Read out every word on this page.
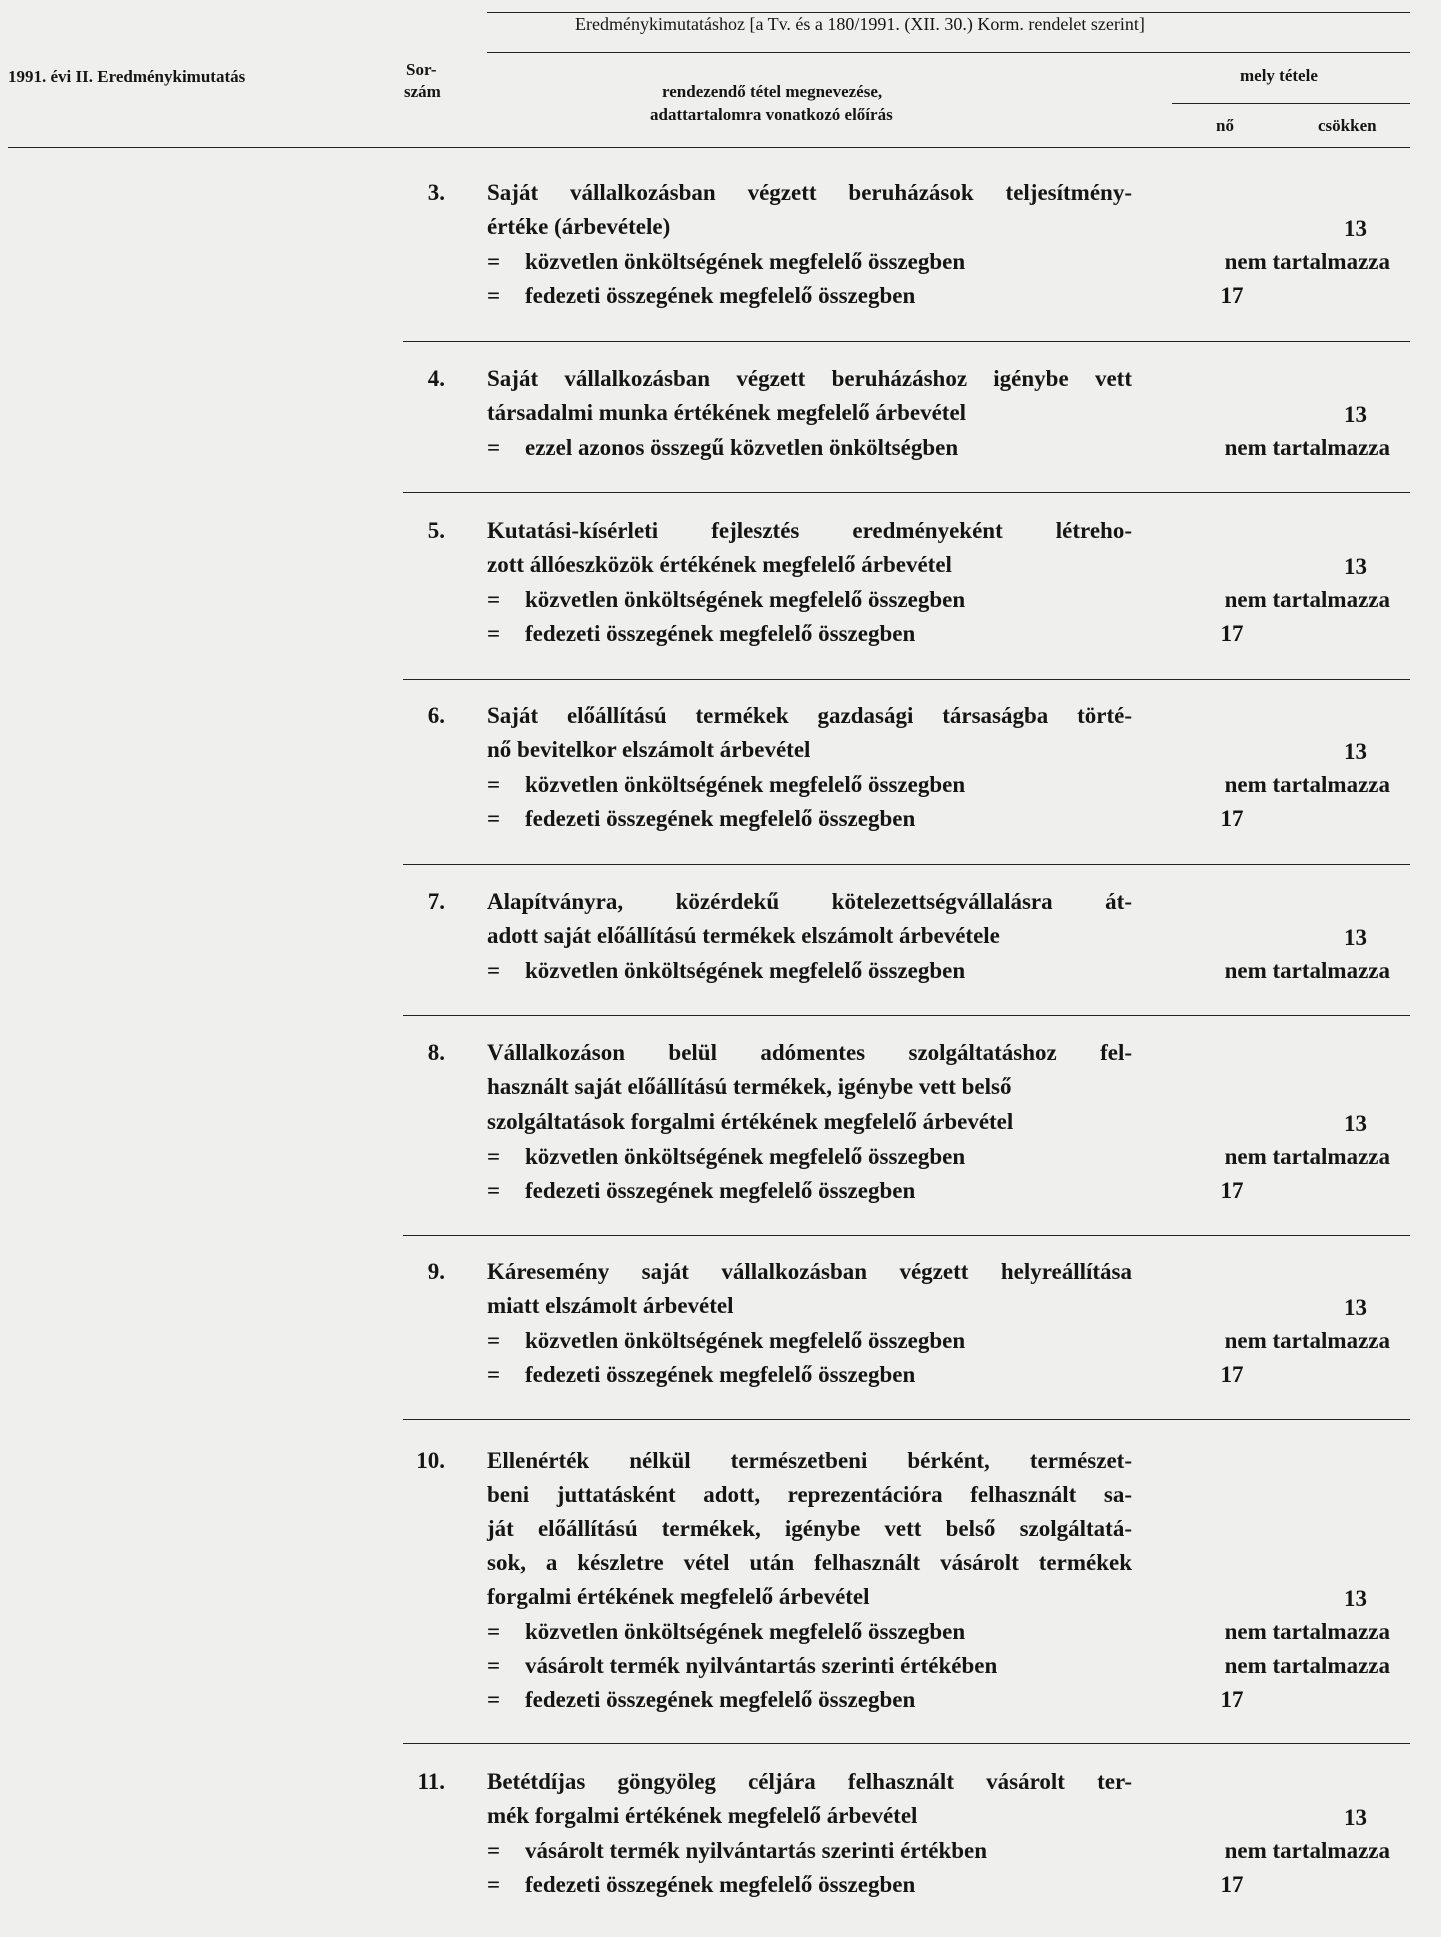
Eredménykimutatáshoz [a Tv. és a 180/1991. (XII. 30.) Korm. rendelet szerint]
1991. évi II. Eredménykimutatás	Sor-
szám	rendezendő tétel megnevezése,
adattartalomra vonatkozó előírás
mely tétele
nő	csökken
3. Saját vállalkozásban végzett beruházások teljesítmény-
értéke (árbevétele)	13
= közvetlen önköltségének megfelelő összegben	nem tartalmazza
= fedezeti összegének megfelelő összegben	17
4. Saját vállalkozásban végzett beruházáshoz igénybe vett
társadalmi munka értékének megfelelő árbevétel	13
= ezzel azonos összegű közvetlen önköltségben	nem tartalmazza
5. Kutatási-kísérleti fejlesztés eredményeként létreho-
zott állóeszközök értékének megfelelő árbevétel	13
= közvetlen önköltségének megfelelő összegben	nem tartalmazza
= fedezeti összegének megfelelő összegben	17
6. Saját előállítású termékek gazdasági társaságba törté-
nő bevitelkor elszámolt árbevétel	13
= közvetlen önköltségének megfelelő összegben	nem tartalmazza
= fedezeti összegének megfelelő összegben	17
7. Alapítványra, közérdekű kötelezettségvállalásra át-
adott saját előállítású termékek elszámolt árbevétele	13
= közvetlen önköltségének megfelelő összegben	nem tartalmazza
8. Vállalkozáson belül adómentes szolgáltatáshoz fel-
használt saját előállítású termékek, igénybe vett belső
szolgáltatások forgalmi értékének megfelelő árbevétel	13
= közvetlen önköltségének megfelelő összegben	nem tartalmazza
= fedezeti összegének megfelelő összegben	17
9. Káresemény saját vállalkozásban végzett helyreállítása
miatt elszámolt árbevétel	13
= közvetlen önköltségének megfelelő összegben	nem tartalmazza
= fedezeti összegének megfelelő összegben	17
10. Ellenérték nélkül természetbeni bérként, természet-
beni juttatásként adott, reprezentációra felhasznált sa-
ját előállítású termékek, igénybe vett belső szolgáltatá-
sok, a készletre vétel után felhasznált vásárolt termékek
forgalmi értékének megfelelő árbevétel	13
= közvetlen önköltségének megfelelő összegben	nem tartalmazza
= vásárolt termék nyilvántartás szerinti értékében	nem tartalmazza
= fedezeti összegének megfelelő összegben	17
11. Betétdíjas göngyöleg céljára felhasznált vásárolt ter-
mék forgalmi értékének megfelelő árbevétel	13
= vásárolt termék nyilvántartás szerinti értékben	nem tartalmazza
= fedezeti összegének megfelelő összegben	17
